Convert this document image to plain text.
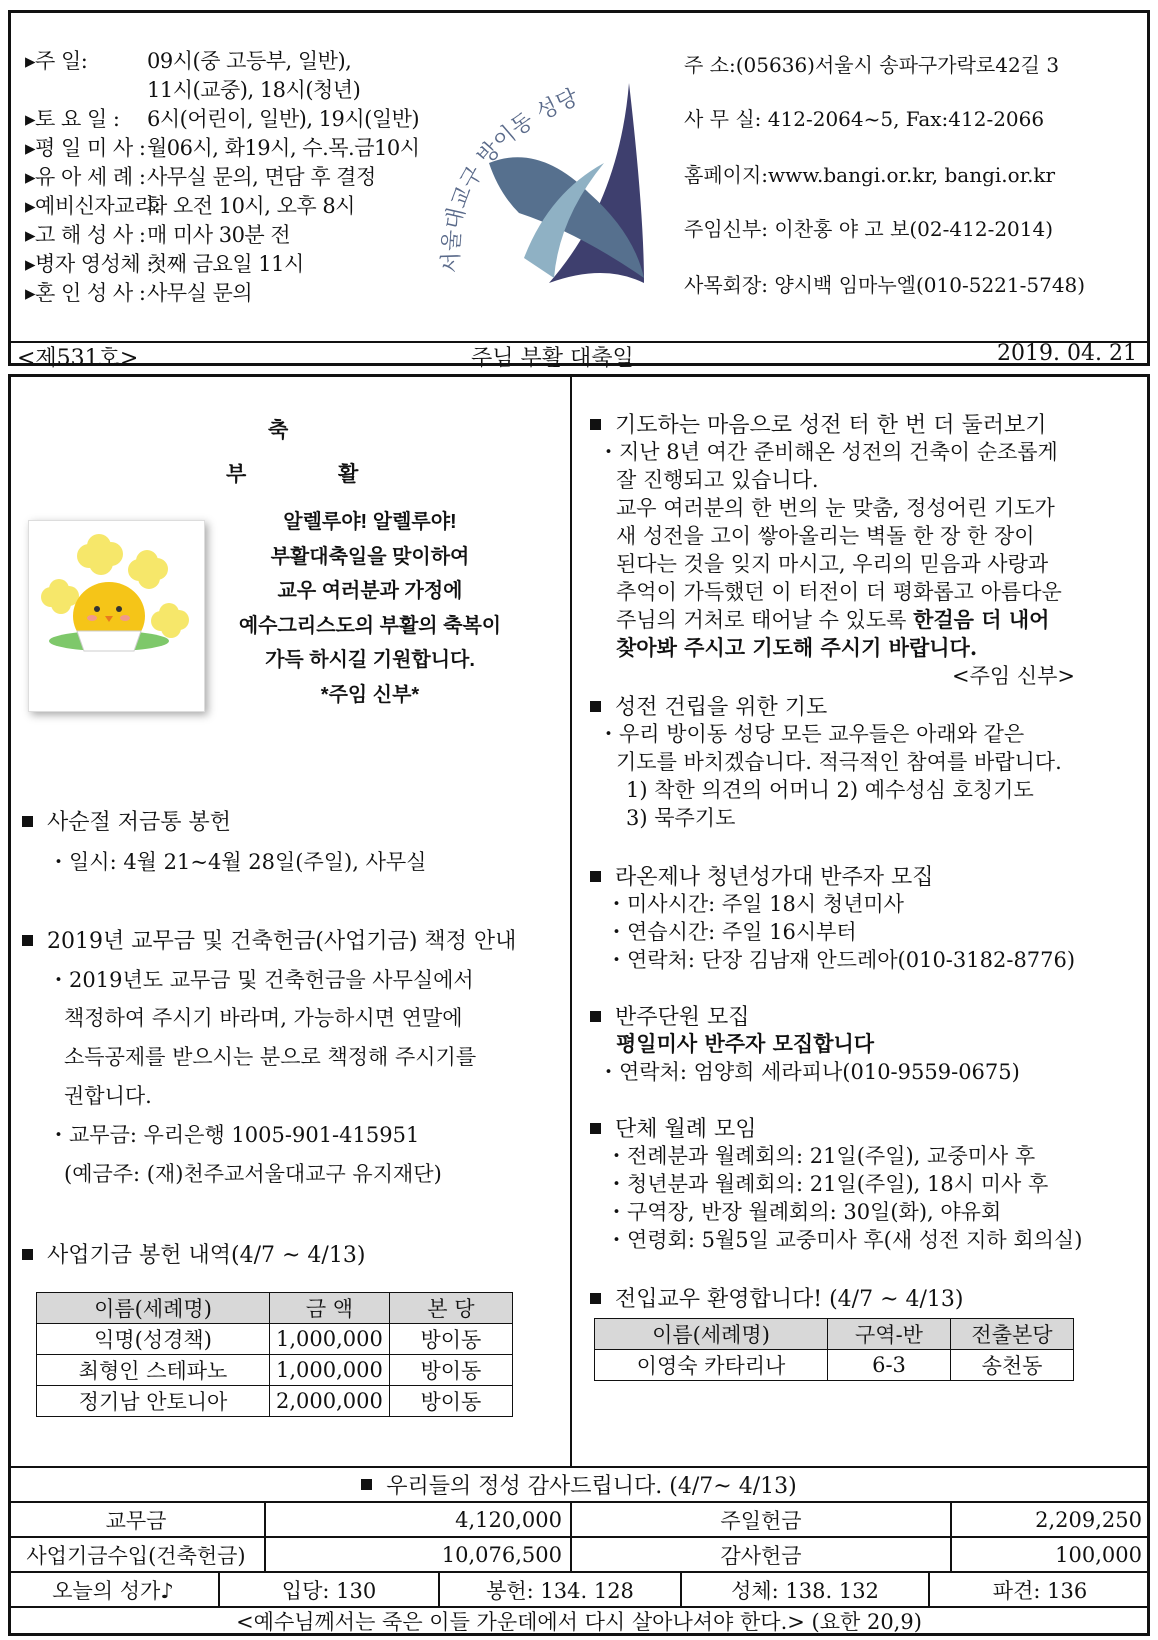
▸주 일:	09시(중 고등부, 일반),
11시(교중), 18시(청년)
▸토 요 일 : 6시(어린이, 일반), 19시(일반)
▸평 일 미 사 :월06시, 화19시, 수.목.금10시
▸유 아 세 례 :사무실 문의, 면담 후 결정
▸예비신자교리:화 오전 10시, 오후 8시
▸고 해 성 사 :매 미사 30분 전
▸병자 영성체 :첫째 금요일 11시
▸혼 인 성 사 :사무실 문의
서울대교구 방이동 성당
주 소:(05636)서울시 송파구가락로42길 3
사 무 실: 412-2064~5, Fax:412-2066
홈페이지:www.bangi.or.kr, bangi.or.kr
주임신부: 이찬홍 야 고 보(02-412-2014)
사목회장: 양시백 임마누엘(010-5221-5748)
<제531호>	주님 부활 대축일	2019. 04. 21
축
부	활
알렐루야! 알렐루야!
부활대축일을 맞이하여
교우 여러분과 가정에
예수그리스도의 부활의 축복이
가득 하시길 기원합니다.
*주임 신부*
사순절 저금통 봉헌
・일시: 4월 21~4월 28일(주일), 사무실
2019년 교무금 및 건축헌금(사업기금) 책정 안내
・2019년도 교무금 및 건축헌금을 사무실에서
책정하여 주시기 바라며, 가능하시면 연말에
소득공제를 받으시는 분으로 책정해 주시기를
권합니다.
・교무금: 우리은행 1005-901-415951
(예금주: (재)천주교서울대교구 유지재단)
사업기금 봉헌 내역(4/7 ~ 4/13)
이름(세례명)	금 액	본 당
익명(성경책)	1,000,000	방이동
최형인 스테파노	1,000,000	방이동
정기남 안토니아	2,000,000	방이동
기도하는 마음으로 성전 터 한 번 더 둘러보기
・지난 8년 여간 준비해온 성전의 건축이 순조롭게
잘 진행되고 있습니다.
교우 여러분의 한 번의 눈 맞춤, 정성어린 기도가
새 성전을 고이 쌓아올리는 벽돌 한 장 한 장이
된다는 것을 잊지 마시고, 우리의 믿음과 사랑과
추억이 가득했던 이 터전이 더 평화롭고 아름다운
주님의 거처로 태어날 수 있도록 한걸음 더 내어
찾아봐 주시고 기도해 주시기 바랍니다.
<주임 신부>
성전 건립을 위한 기도
・우리 방이동 성당 모든 교우들은 아래와 같은
기도를 바치겠습니다. 적극적인 참여를 바랍니다.
1) 착한 의견의 어머니 2) 예수성심 호칭기도
3) 묵주기도
라온제나 청년성가대 반주자 모집
・미사시간: 주일 18시 청년미사
・연습시간: 주일 16시부터
・연락처: 단장 김남재 안드레아(010-3182-8776)
반주단원 모집
평일미사 반주자 모집합니다
・연락처: 엄양희 세라피나(010-9559-0675)
단체 월례 모임
・전례분과 월례회의: 21일(주일), 교중미사 후
・청년분과 월례회의: 21일(주일), 18시 미사 후
・구역장, 반장 월례회의: 30일(화), 야유회
・연령회: 5월5일 교중미사 후(새 성전 지하 회의실)
전입교우 환영합니다! (4/7 ~ 4/13)
이름(세례명)	구역-반	전출본당
이영숙 카타리나	6-3	송천동
우리들의 정성 감사드립니다. (4/7~ 4/13)
교무금	4,120,000	주일헌금	2,209,250
사업기금수입(건축헌금)	10,076,500	감사헌금	100,000
오늘의 성가♪	입당: 130	봉헌: 134. 128	성체: 138. 132	파견: 136
<예수님께서는 죽은 이들 가운데에서 다시 살아나셔야 한다.> (요한 20,9)
